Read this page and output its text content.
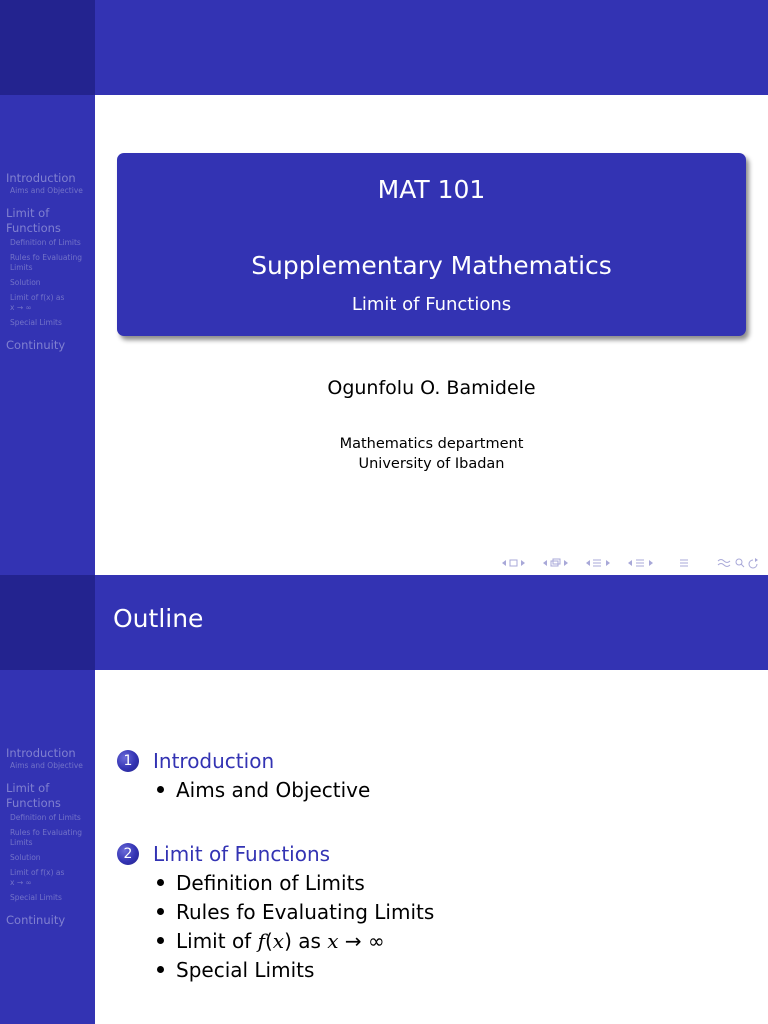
Introduction
Aims and Objective
Limit of
Functions
Definition of Limits
Rules fo Evaluating
Limits
Solution
Limit of f(x) as
x → ∞
Special Limits
Continuity
MAT 101
Supplementary Mathematics
Limit of Functions
Ogunfolu O. Bamidele
Mathematics department
University of Ibadan
Outline
Introduction
Aims and Objective
Limit of
Functions
Definition of Limits
Rules fo Evaluating
Limits
Solution
Limit of f(x) as
x → ∞
Special Limits
Continuity
1	Introduction
Aims and Objective
2	Limit of Functions
Definition of Limits
Rules fo Evaluating Limits
Limit of f(x) as x → ∞
Special Limits
